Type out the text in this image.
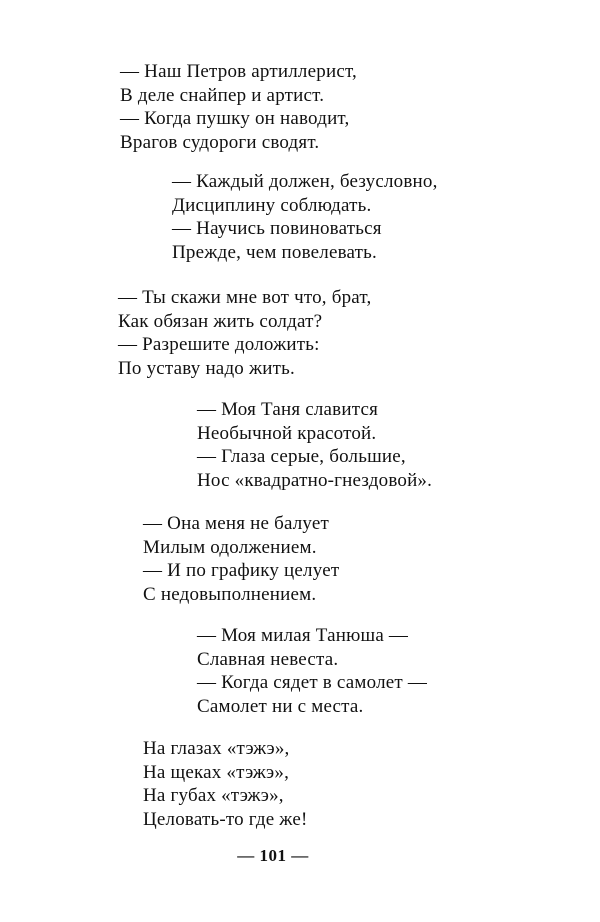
— Наш Петров артиллерист,
В деле снайпер и артист.
— Когда пушку он наводит,
Врагов судороги сводят.
— Каждый должен, безусловно,
Дисциплину соблюдать.
— Научись повиноваться
Прежде, чем повелевать.
— Ты скажи мне вот что, брат,
Как обязан жить солдат?
— Разрешите доложить:
По уставу надо жить.
— Моя Таня славится
Необычной красотой.
— Глаза серые, большие,
Нос «квадратно-гнездовой».
— Она меня не балует
Милым одолжением.
— И по графику целует
С недовыполнением.
— Моя милая Танюша —
Славная невеста.
— Когда сядет в самолет —
Самолет ни с места.
На глазах «тэжэ»,
На щеках «тэжэ»,
На губах «тэжэ»,
Целовать-то где же!
— 101 —
